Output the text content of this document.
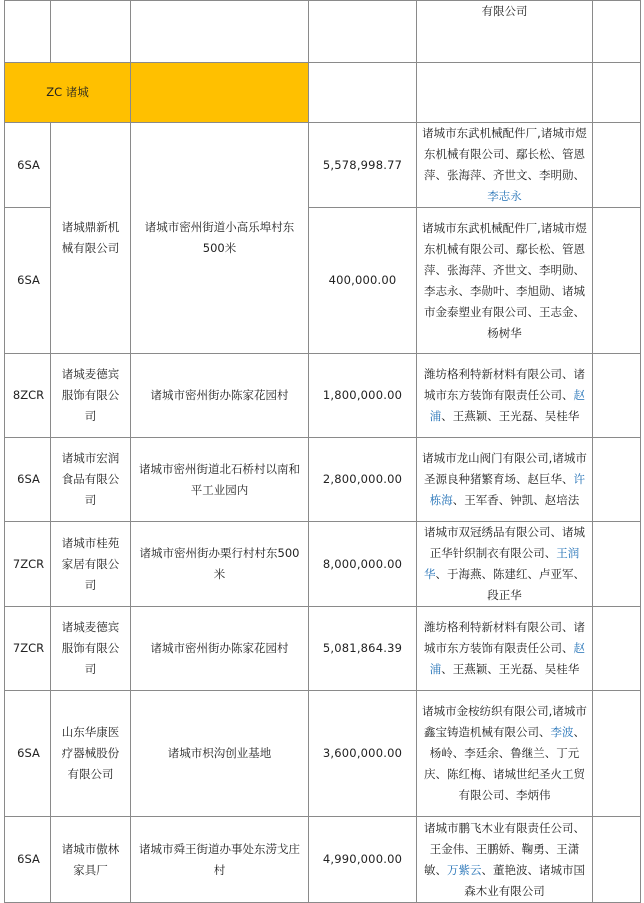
				有限公司	

ZC 诸城					

6SA	诸城鼎新机械有限公司	诸城市密州街道小高乐埠村东500米	5,578,998.77	诸城市东武机械配件厂,诸城市煜东机械有限公司、鄢长松、管恩萍、张海萍、齐世文、李明勋、李志永	
6SA			400,000.00	诸城市东武机械配件厂,诸城市煜东机械有限公司、鄢长松、管恩萍、张海萍、齐世文、李明勋、李志永、李勋叶、李旭勋、诸城市金泰塑业有限公司、王志金、杨树华	
8ZCR	诸城麦德宾服饰有限公司	诸城市密州街办陈家花园村	1,800,000.00	潍坊格利特新材料有限公司、诸城市东方装饰有限责任公司、赵浦、王燕颖、王光磊、吴桂华	
6SA	诸城市宏润食品有限公司	诸城市密州街道北石桥村以南和平工业园内	2,800,000.00	诸城市龙山阀门有限公司,诸城市圣源良种猪繁育场、赵巨华、许栋海、王军香、钟凯、赵培法	
7ZCR	诸城市桂苑家居有限公司	诸城市密州街办栗行村村东500米	8,000,000.00	诸城市双冠绣品有限公司、诸城正华针织制衣有限公司、王润华、于海燕、陈建红、卢亚军、段正华	
7ZCR	诸城麦德宾服饰有限公司	诸城市密州街办陈家花园村	5,081,864.39	潍坊格利特新材料有限公司、诸城市东方装饰有限责任公司、赵浦、王燕颖、王光磊、吴桂华	
6SA	山东华康医疗器械股份有限公司	诸城市枳沟创业基地	3,600,000.00	诸城市金桉纺织有限公司,诸城市鑫宝铸造机械有限公司、李波、杨岭、李廷余、鲁继兰、丁元庆、陈红梅、诸城世纪圣火工贸有限公司、李炳伟	
6SA	诸城市傲林家具厂	诸城市舜王街道办事处东涝戈庄村	4,990,000.00	诸城市鹏飞木业有限责任公司、王金伟、王鹏娇、鞠勇、王潇敏、万紫云、董艳波、诸城市国森木业有限公司	
